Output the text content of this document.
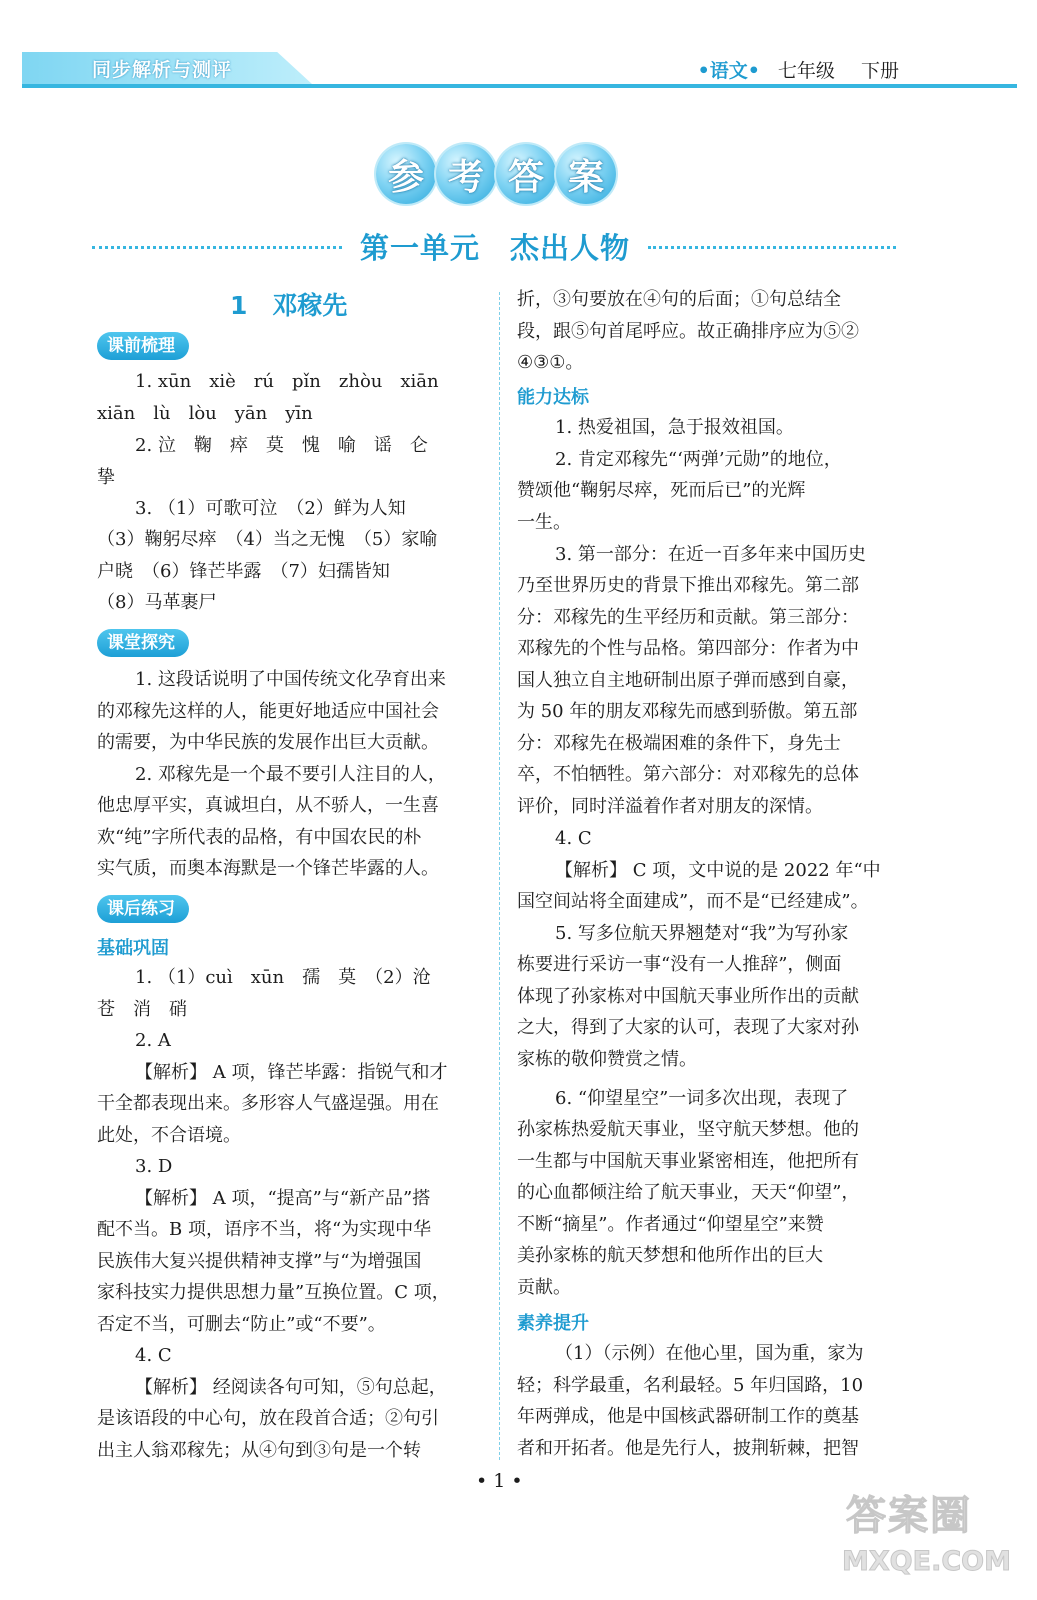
同步解析与测评	•语文• 七年级 下册
参 考 答 案
第一单元　杰出人物
1　邓稼先
课前梳理
1. xūn　xiè　rú　pǐn　zhòu　xiān
xiān　lù　lòu　yān　yīn
2. 泣　鞠　瘁　莫　愧　喻　谣　仑
挚
3. （1）可歌可泣　（2）鲜为人知
（3）鞠躬尽瘁　（4）当之无愧　（5）家喻
户晓　（6）锋芒毕露　（7）妇孺皆知
（8）马革裹尸
课堂探究
1. 这段话说明了中国传统文化孕育出来
的邓稼先这样的人，能更好地适应中国社会
的需要，为中华民族的发展作出巨大贡献。
2. 邓稼先是一个最不要引人注目的人，
他忠厚平实，真诚坦白，从不骄人，一生喜
欢“纯”字所代表的品格，有中国农民的朴
实气质，而奥本海默是一个锋芒毕露的人。
课后练习
基础巩固
1. （1）cuì　xūn　孺　莫　（2）沧
苍　消　硝
2. A
【解析】 A 项，锋芒毕露：指锐气和才
干全都表现出来。多形容人气盛逞强。用在
此处，不合语境。
3. D
【解析】 A 项，“提高”与“新产品”搭
配不当。B 项，语序不当，将“为实现中华
民族伟大复兴提供精神支撑”与“为增强国
家科技实力提供思想力量”互换位置。C 项，
否定不当，可删去“防止”或“不要”。
4. C
【解析】 经阅读各句可知，⑤句总起，
是该语段的中心句，放在段首合适；②句引
出主人翁邓稼先；从④句到③句是一个转
折，③句要放在④句的后面；①句总结全
段，跟⑤句首尾呼应。故正确排序应为⑤②
④③①。
能力达标
1. 热爱祖国，急于报效祖国。
2. 肯定邓稼先“‘两弹’元勋”的地位，
赞颂他“鞠躬尽瘁，死而后已”的光辉
一生。
3. 第一部分：在近一百多年来中国历史
乃至世界历史的背景下推出邓稼先。第二部
分：邓稼先的生平经历和贡献。第三部分：
邓稼先的个性与品格。第四部分：作者为中
国人独立自主地研制出原子弹而感到自豪，
为 50 年的朋友邓稼先而感到骄傲。第五部
分：邓稼先在极端困难的条件下，身先士
卒，不怕牺牲。第六部分：对邓稼先的总体
评价，同时洋溢着作者对朋友的深情。
4. C
【解析】 C 项，文中说的是 2022 年“中
国空间站将全面建成”，而不是“已经建成”。
5. 写多位航天界翘楚对“我”为写孙家
栋要进行采访一事“没有一人推辞”，侧面
体现了孙家栋对中国航天事业所作出的贡献
之大，得到了大家的认可，表现了大家对孙
家栋的敬仰赞赏之情。
6. “仰望星空”一词多次出现，表现了
孙家栋热爱航天事业，坚守航天梦想。他的
一生都与中国航天事业紧密相连，他把所有
的心血都倾注给了航天事业，天天“仰望”，
不断“摘星”。作者通过“仰望星空”来赞
美孙家栋的航天梦想和他所作出的巨大
贡献。
素养提升
（1）（示例）在他心里，国为重，家为
轻；科学最重，名利最轻。5 年归国路，10
年两弹成，他是中国核武器研制工作的奠基
者和开拓者。他是先行人，披荆斩棘，把智
• 1 •
答案圈
MXQE.COM
